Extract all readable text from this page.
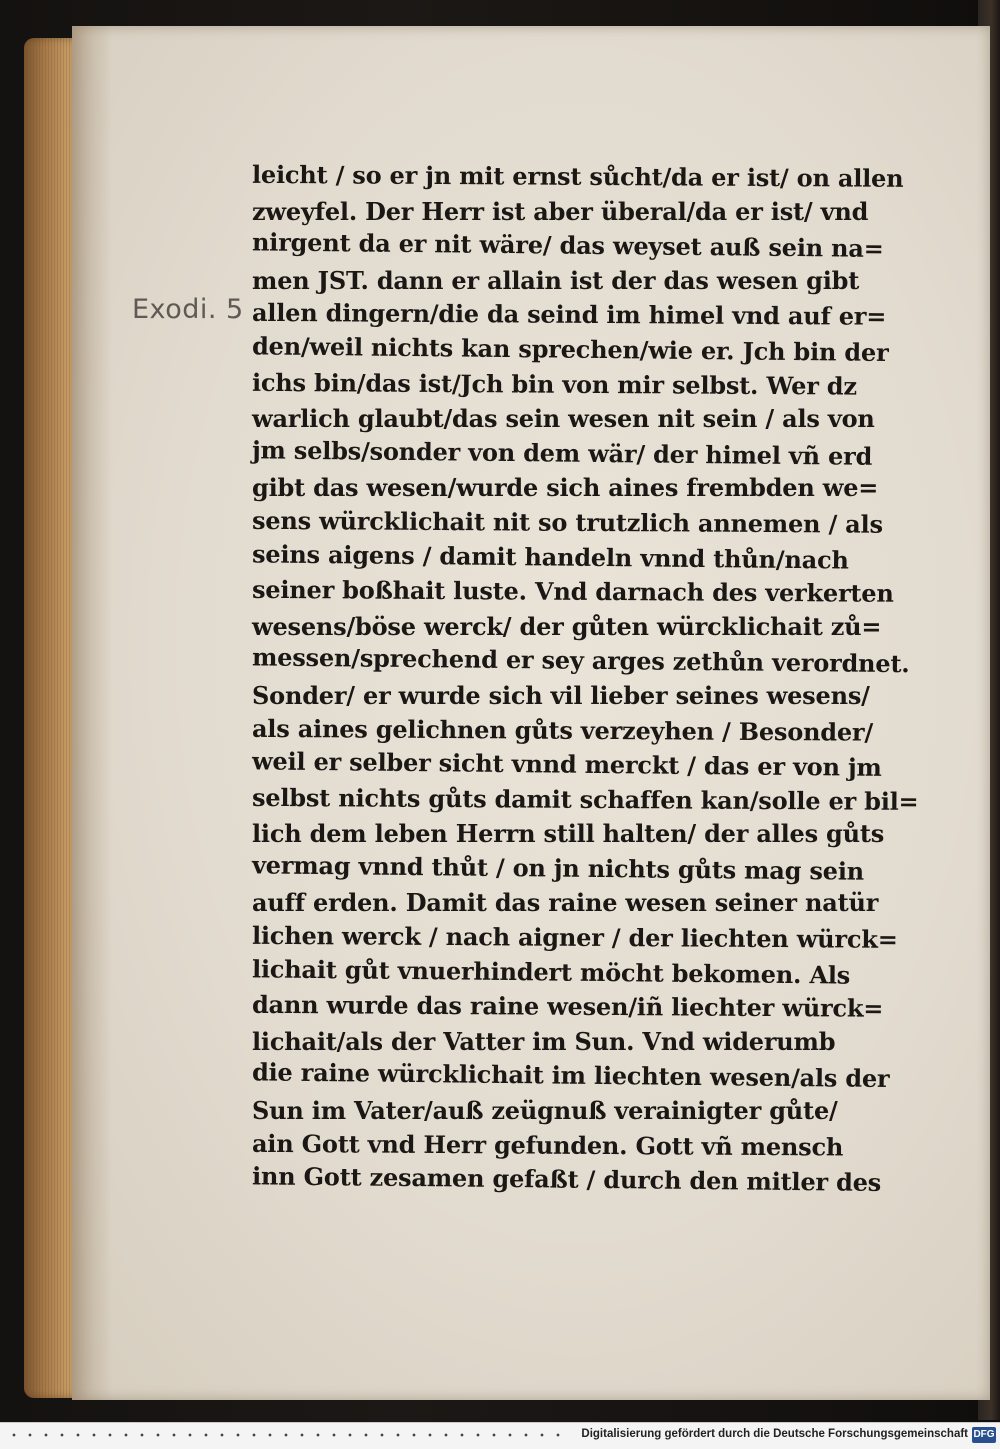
Exodi. 5
leicht / so er jn mit ernst sůcht/da er ist/ on allen
zweyfel. Der Herr ist aber überal/da er ist/ vnd
nirgent da er nit wäre/ das weyset auß sein na=
men JST. dann er allain ist der das wesen gibt
allen dingern/die da seind im himel vnd auf er=
den/weil nichts kan sprechen/wie er. Jch bin der
ichs bin/das ist/Jch bin von mir selbst. Wer dz
warlich glaubt/das sein wesen nit sein / als von
jm selbs/sonder von dem wär/ der himel vñ erd
gibt das wesen/wurde sich aines frembden we=
sens würcklichait nit so trutzlich annemen / als
seins aigens / damit handeln vnnd thůn/nach
seiner boßhait luste. Vnd darnach des verkerten
wesens/böse werck/ der gůten würcklichait zů=
messen/sprechend er sey arges zethůn verordnet.
Sonder/ er wurde sich vil lieber seines wesens/
als aines gelichnen gůts verzeyhen / Besonder/
weil er selber sicht vnnd merckt / das er von jm
selbst nichts gůts damit schaffen kan/solle er bil=
lich dem leben Herrn still halten/ der alles gůts
vermag vnnd thůt / on jn nichts gůts mag sein
auff erden. Damit das raine wesen seiner natür
lichen werck / nach aigner / der liechten würck=
lichait gůt vnuerhindert möcht bekomen. Als
dann wurde das raine wesen/iñ liechter würck=
lichait/als der Vatter im Sun. Vnd widerumb
die raine würcklichait im liechten wesen/als der
Sun im Vater/auß zeügnuß verainigter gůte/
ain Gott vnd Herr gefunden. Gott vñ mensch
inn Gott zesamen gefaßt / durch den mitler des
Digitalisierung gefördert durch die Deutsche Forschungsgemeinschaft DFG
